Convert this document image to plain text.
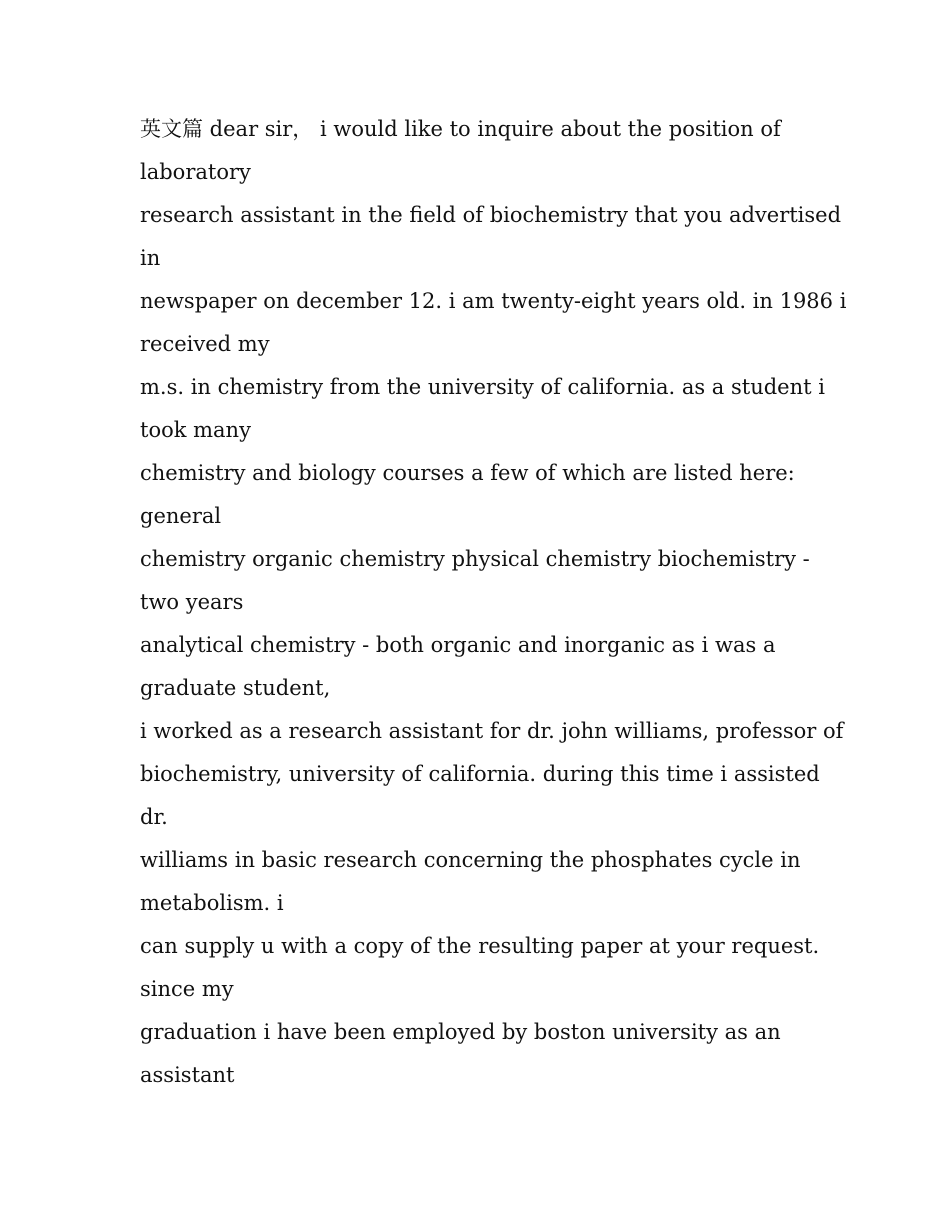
英文篇 dear sir， i would like to inquire about the position of
laboratory
research assistant in the field of biochemistry that you advertised
in
newspaper on december 12. i am twenty-eight years old. in 1986 i
received my
m.s. in chemistry from the university of california. as a student i
took many
chemistry and biology courses a few of which are listed here:
general
chemistry organic chemistry physical chemistry biochemistry -
two years
analytical chemistry - both organic and inorganic as i was a
graduate student,
i worked as a research assistant for dr. john williams, professor of
biochemistry, university of california. during this time i assisted
dr.
williams in basic research concerning the phosphates cycle in
metabolism. i
can supply u with a copy of the resulting paper at your request.
since my
graduation i have been employed by boston university as an
assistant
